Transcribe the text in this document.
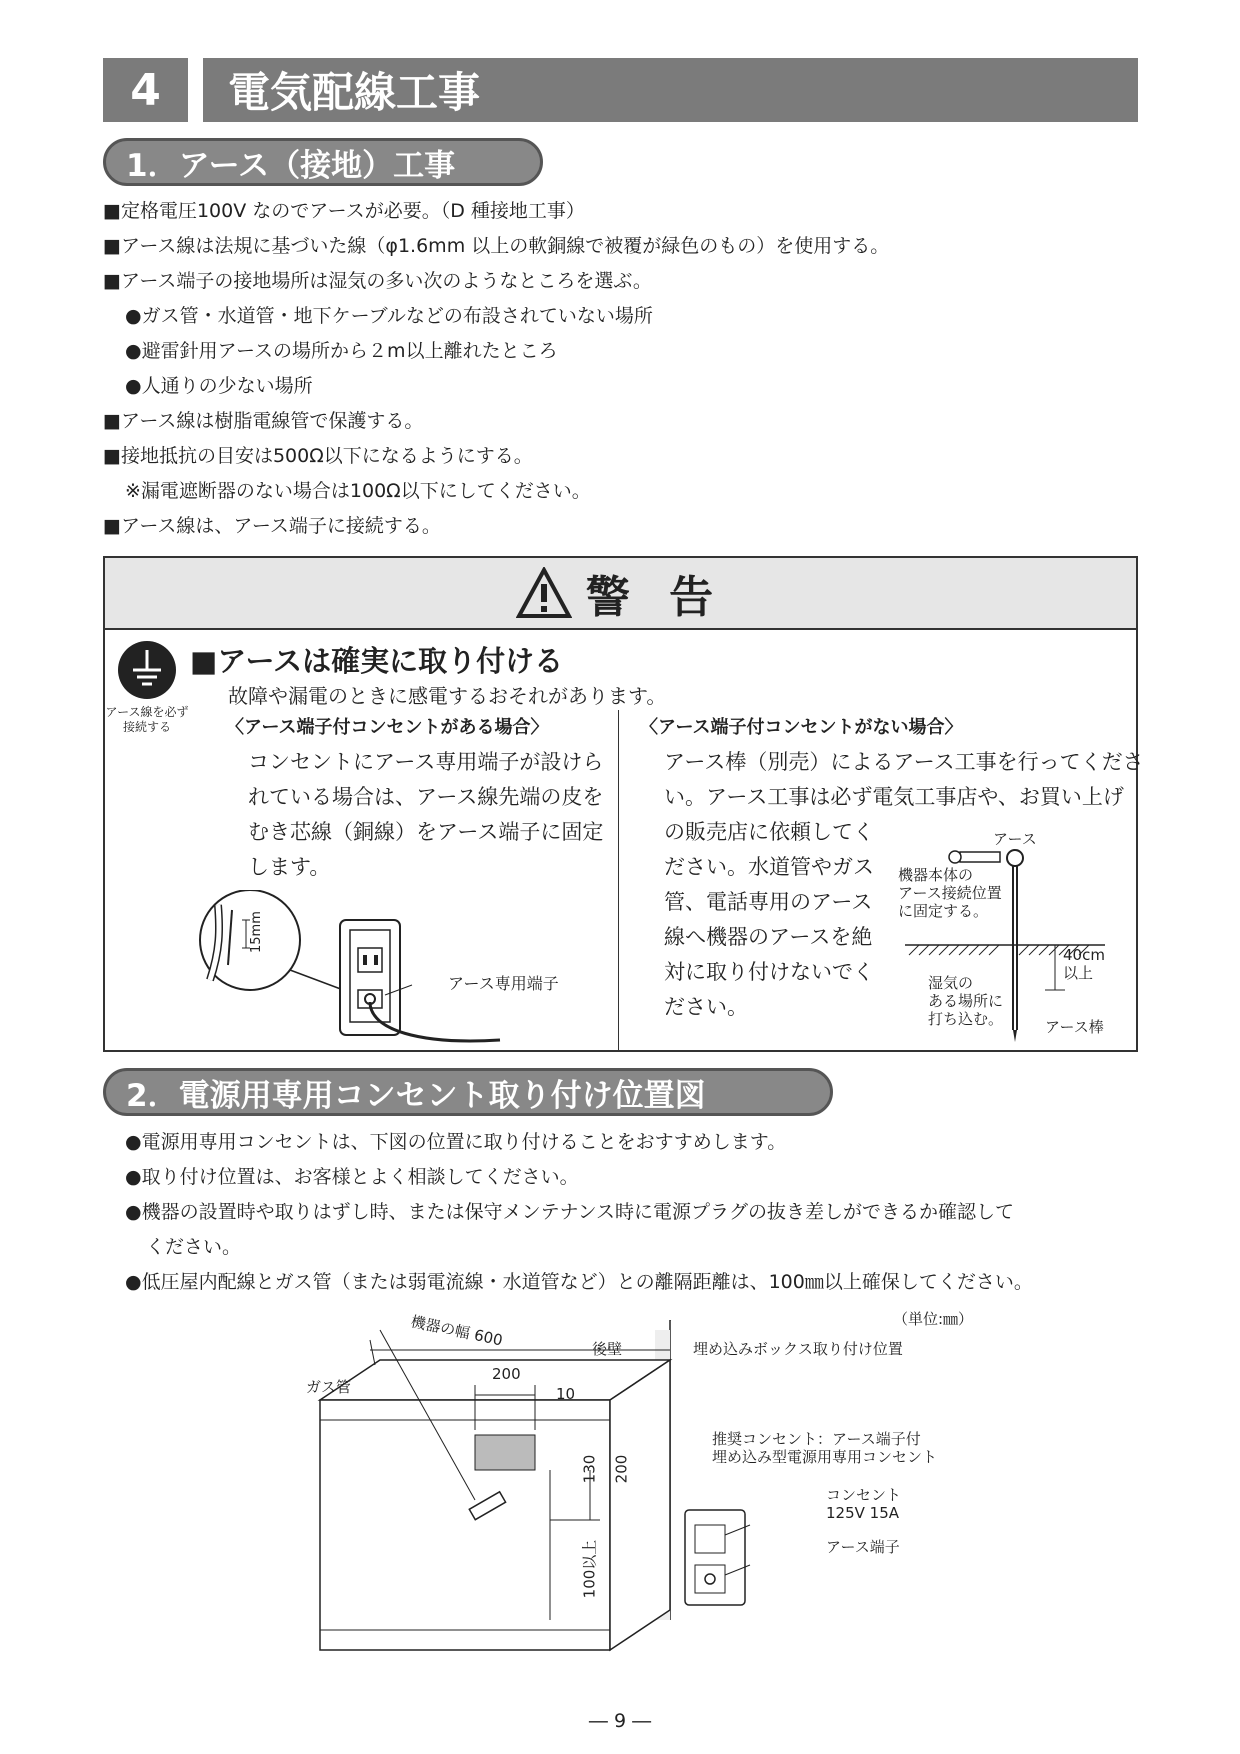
4	電気配線工事
1．アース（接地）工事
■定格電圧100V なのでアースが必要。（D 種接地工事）
■アース線は法規に基づいた線（φ1.6mm 以上の軟銅線で被覆が緑色のもの）を使用する。
■アース端子の接地場所は湿気の多い次のようなところを選ぶ。
●ガス管・水道管・地下ケーブルなどの布設されていない場所
●避雷針用アースの場所から２m以上離れたところ
●人通りの少ない場所
■アース線は樹脂電線管で保護する。
■接地抵抗の目安は500Ω以下になるようにする。
※漏電遮断器のない場合は100Ω以下にしてください。
■アース線は、アース端子に接続する。
警 告
アース線を必ず
接続する
■アースは確実に取り付ける
故障や漏電のときに感電するおそれがあります。
〈アース端子付コンセントがある場合〉
コンセントにアース専用端子が設けら
れている場合は、アース線先端の皮を
むき芯線（銅線）をアース端子に固定
します。
15mm
アース専用端子
〈アース端子付コンセントがない場合〉
アース棒（別売）によるアース工事を行ってくださ
い。アース工事は必ず電気工事店や、お買い上げ
の販売店に依頼してく
ださい。水道管やガス
管、電話専用のアース
線へ機器のアースを絶
対に取り付けないでく
ださい。
アース
機器本体の
アース接続位置
に固定する。
40cm
以上
湿気の
ある場所に
打ち込む。	アース棒
2．電源用専用コンセント取り付け位置図
●電源用専用コンセントは、下図の位置に取り付けることをおすすめします。
●取り付け位置は、お客様とよく相談してください。
●機器の設置時や取りはずし時、または保守メンテナンス時に電源プラグの抜き差しができるか確認して
ください。
●低圧屋内配線とガス管（または弱電流線・水道管など）との離隔距離は、100㎜以上確保してください。
（単位:㎜）
機器の幅 600	後壁	埋め込みボックス取り付け位置
ガス管
200
10
130 200
100以上
推奨コンセント：アース端子付
埋め込み型電源用専用コンセント
コンセント
125V 15A
アース端子
― 9 ―
